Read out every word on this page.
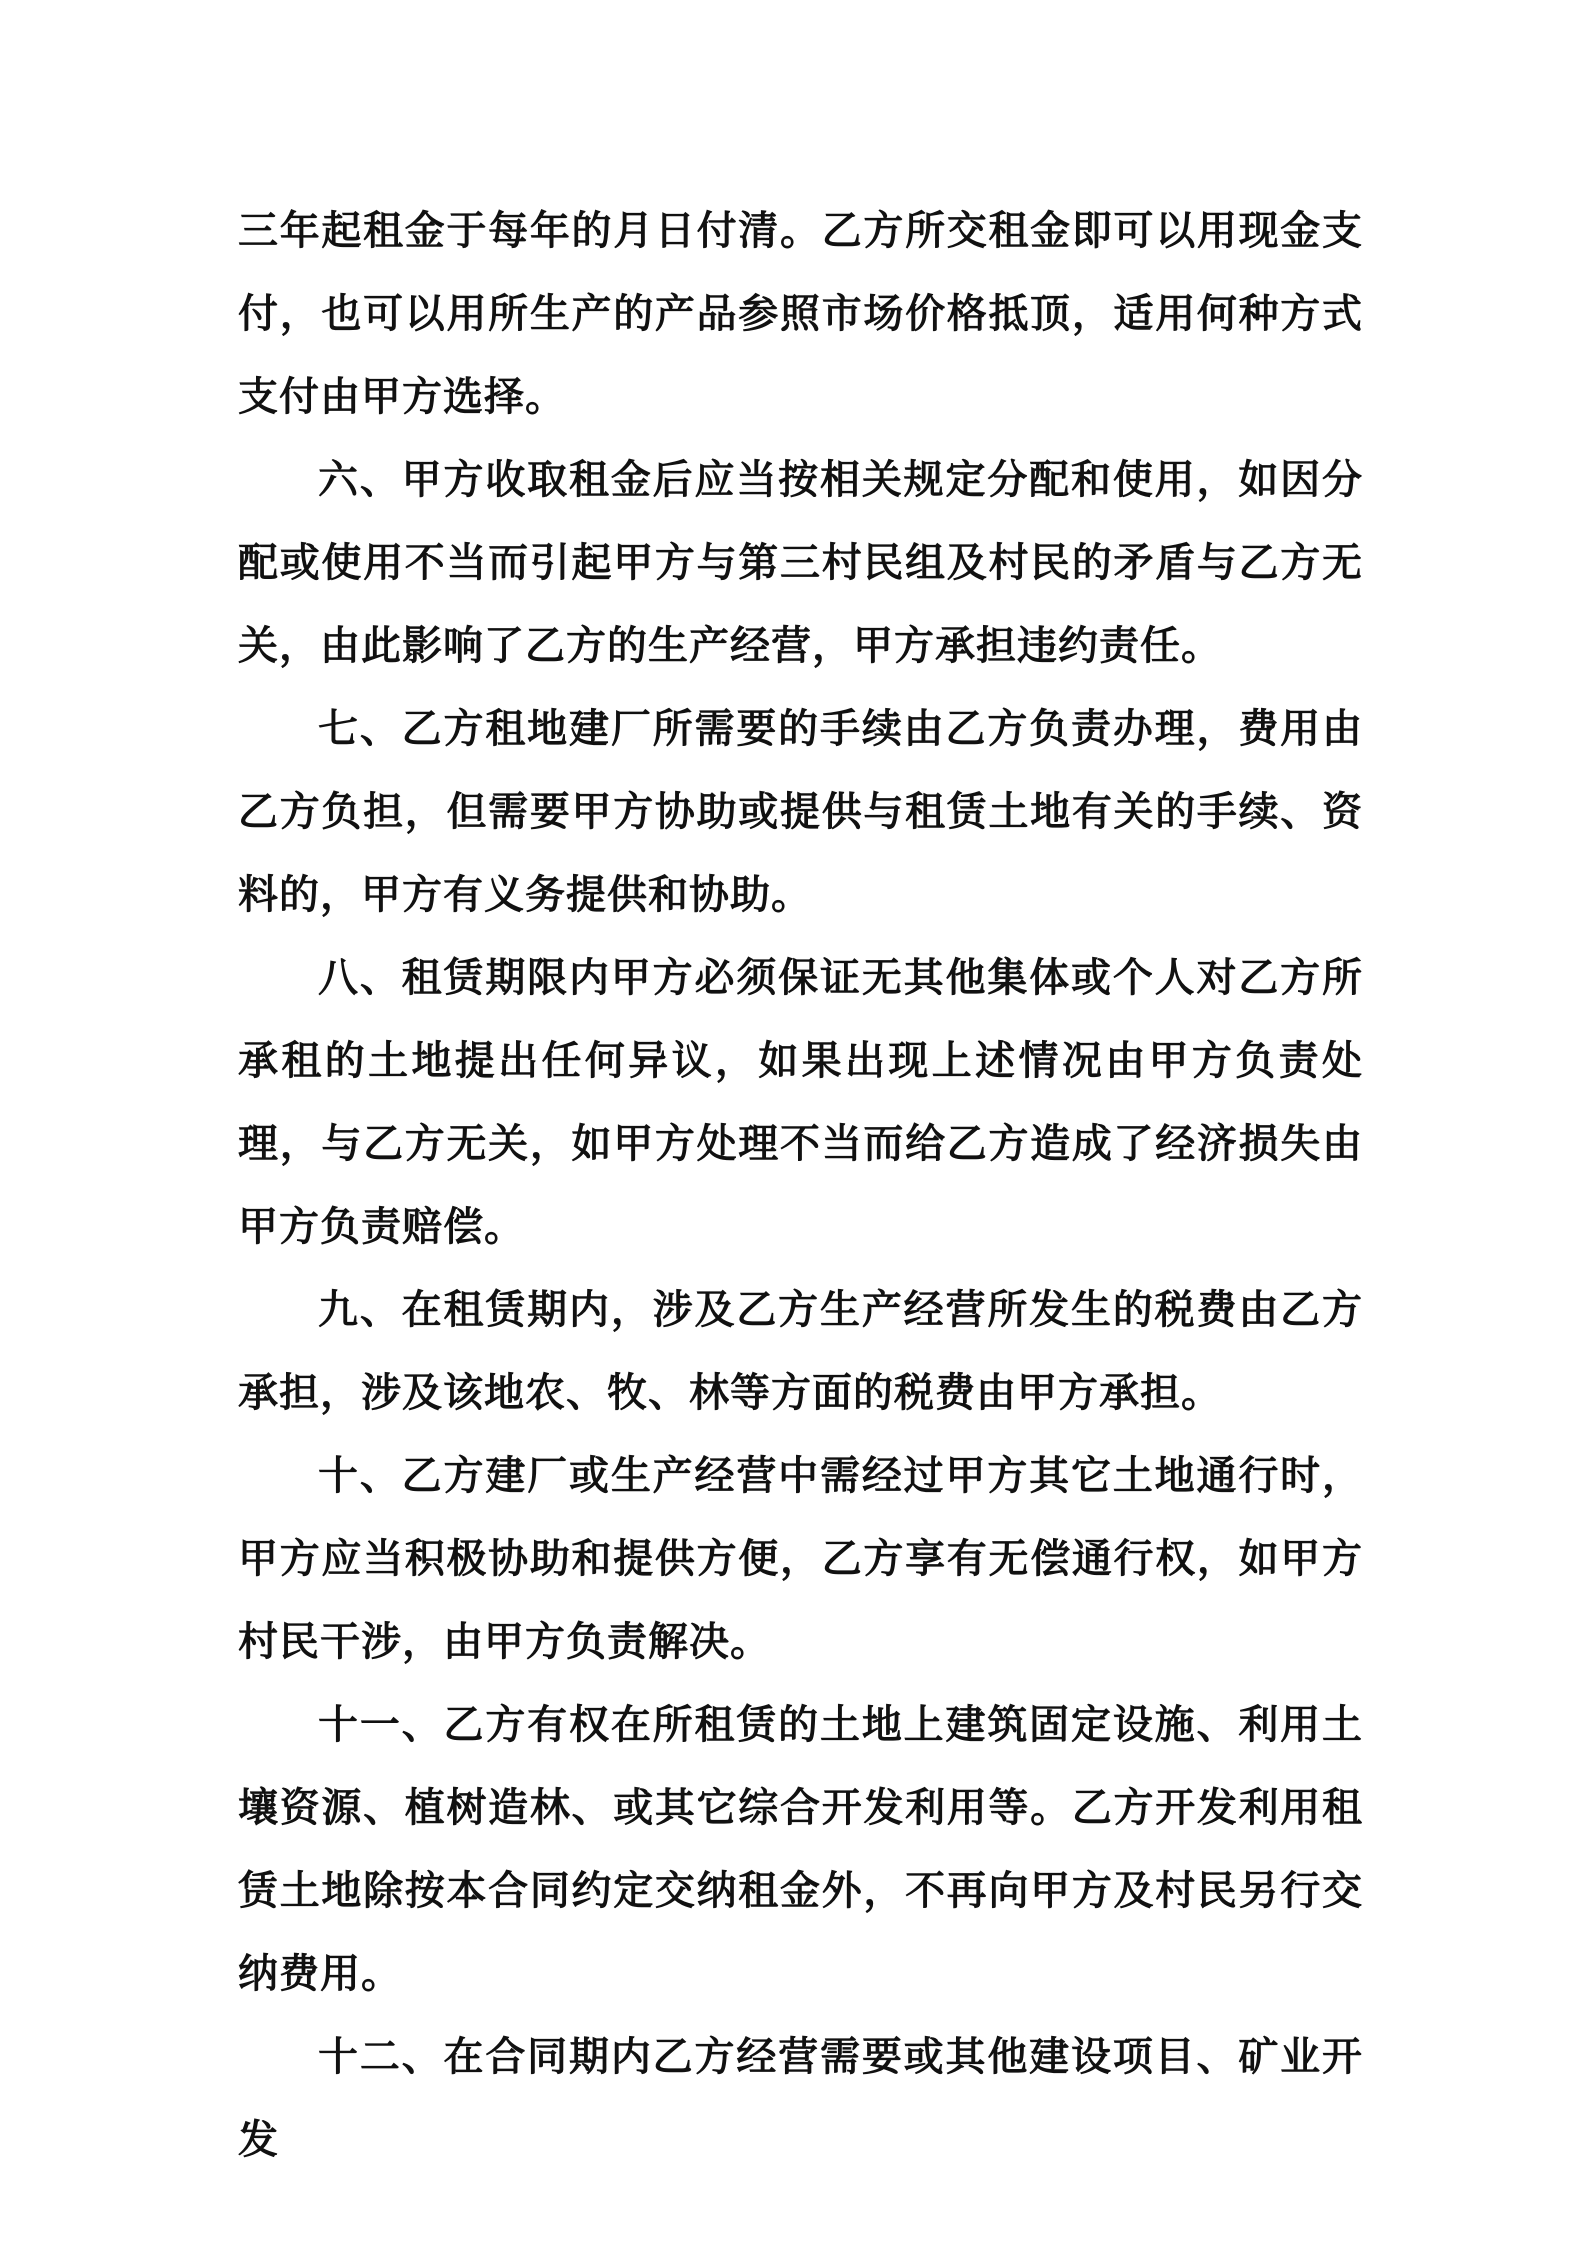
三年起租金于每年的月日付清。乙方所交租金即可以用现金支付，也可以用所生产的产品参照市场价格抵顶，适用何种方式支付由甲方选择。

六、甲方收取租金后应当按相关规定分配和使用，如因分配或使用不当而引起甲方与第三村民组及村民的矛盾与乙方无关，由此影响了乙方的生产经营，甲方承担违约责任。

七、乙方租地建厂所需要的手续由乙方负责办理，费用由乙方负担，但需要甲方协助或提供与租赁土地有关的手续、资料的，甲方有义务提供和协助。

八、租赁期限内甲方必须保证无其他集体或个人对乙方所承租的土地提出任何异议，如果出现上述情况由甲方负责处理，与乙方无关，如甲方处理不当而给乙方造成了经济损失由甲方负责赔偿。

九、在租赁期内，涉及乙方生产经营所发生的税费由乙方承担，涉及该地农、牧、林等方面的税费由甲方承担。

十、乙方建厂或生产经营中需经过甲方其它土地通行时，甲方应当积极协助和提供方便，乙方享有无偿通行权，如甲方村民干涉，由甲方负责解决。

十一、乙方有权在所租赁的土地上建筑固定设施、利用土壤资源、植树造林、或其它综合开发利用等。乙方开发利用租赁土地除按本合同约定交纳租金外，不再向甲方及村民另行交纳费用。

十二、在合同期内乙方经营需要或其他建设项目、矿业开发
